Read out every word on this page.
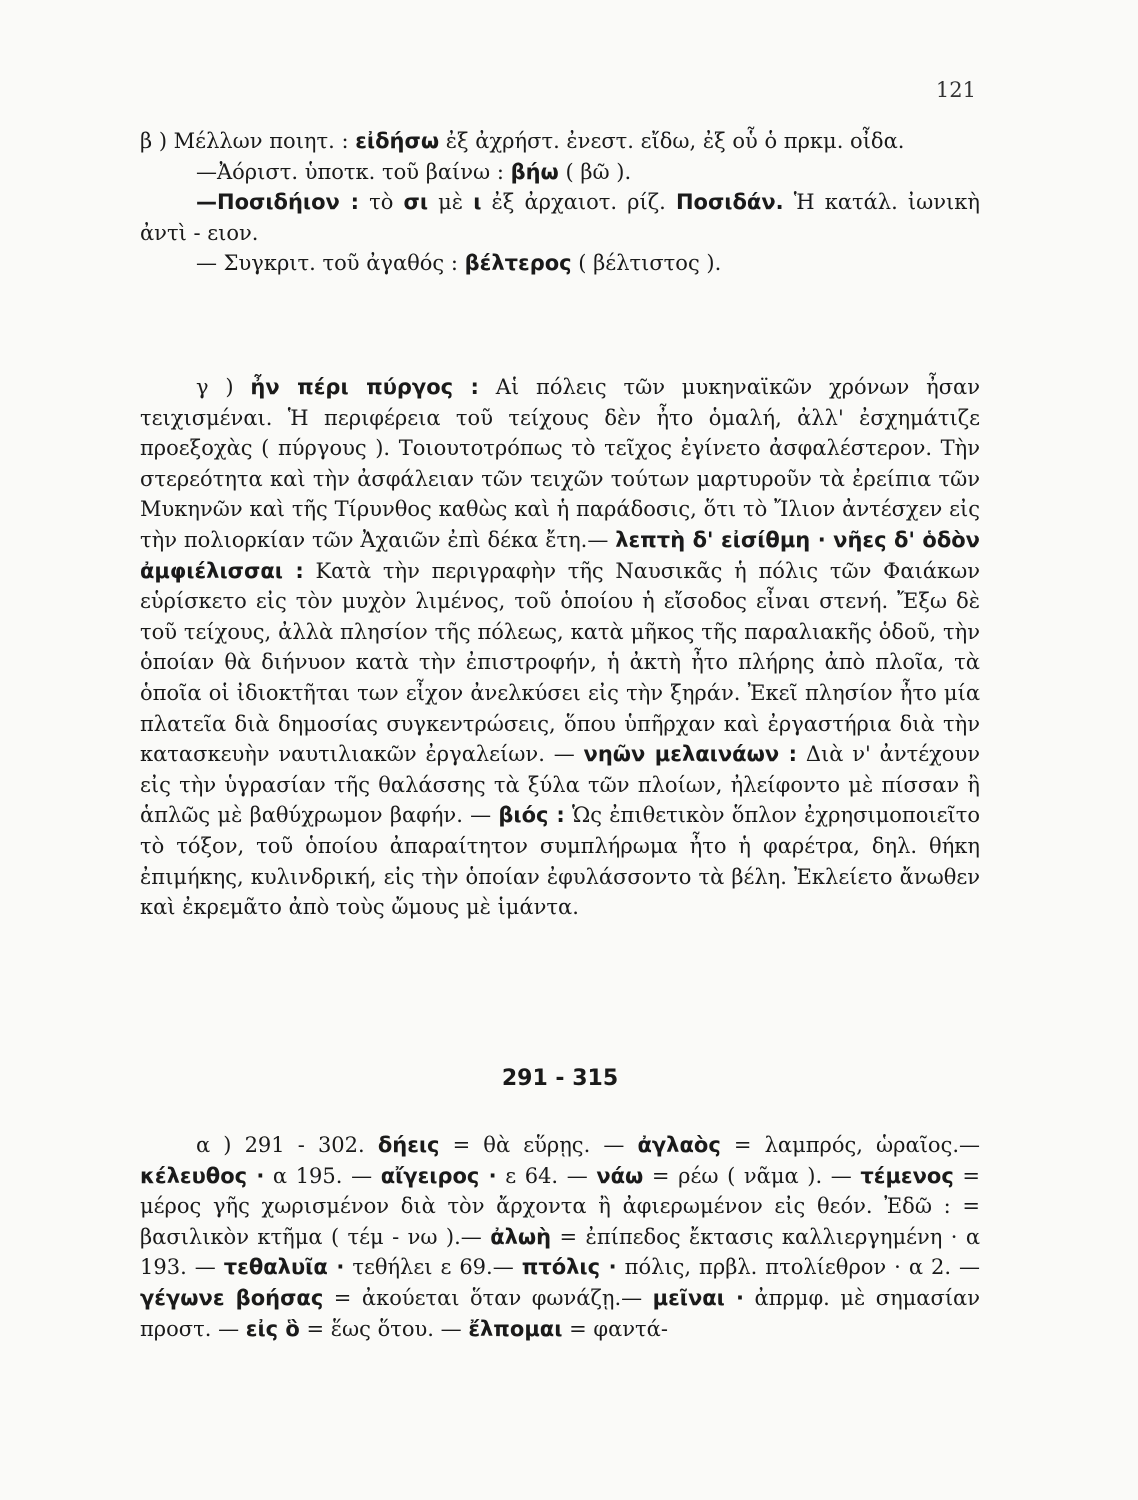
121

β ) Μέλλων ποιητ. : εἰδήσω ἐξ ἀχρήστ. ἐνεστ. εἴδω, ἐξ οὗ ὁ πρκμ. οἶδα.

—Ἀόριστ. ὑποτκ. τοῦ βαίνω : βήω ( βῶ ).

—Ποσιδήιον : τὸ σι μὲ ι ἐξ ἀρχαιοτ. ρίζ. Ποσιδάν. Ἡ κατάλ. ἰωνικὴ ἀντὶ - ειον.

— Συγκριτ. τοῦ ἀγαθός : βέλτερος ( βέλτιστος ).

γ ) ἦν πέρι πύργος : Αἱ πόλεις τῶν μυκηναϊκῶν χρόνων ἦσαν τειχισμέναι. Ἡ περιφέρεια τοῦ τείχους δὲν ἦτο ὁμαλή, ἀλλ' ἐσχημάτιζε προεξοχὰς ( πύργους ). Τοιουτοτρόπως τὸ τεῖχος ἐγίνετο ἀσφαλέστερον. Τὴν στερεότητα καὶ τὴν ἀσφάλειαν τῶν τειχῶν τούτων μαρτυροῦν τὰ ἐρείπια τῶν Μυκηνῶν καὶ τῆς Τίρυνθος καθὼς καὶ ἡ παράδοσις, ὅτι τὸ Ἴλιον ἀντέσχεν εἰς τὴν πολιορκίαν τῶν Ἀχαιῶν ἐπὶ δέκα ἔτη.— λεπτὴ δ' εἰσίθμη · νῆες δ' ὁδὸν ἀμφιέλισσαι : Κατὰ τὴν περιγραφὴν τῆς Ναυσικᾶς ἡ πόλις τῶν Φαιάκων εὑρίσκετο εἰς τὸν μυχὸν λιμένος, τοῦ ὁποίου ἡ εἴσοδος εἶναι στενή. Ἔξω δὲ τοῦ τείχους, ἀλλὰ πλησίον τῆς πόλεως, κατὰ μῆκος τῆς παραλιακῆς ὁδοῦ, τὴν ὁποίαν θὰ διήνυον κατὰ τὴν ἐπιστροφήν, ἡ ἀκτὴ ἦτο πλήρης ἀπὸ πλοῖα, τὰ ὁποῖα οἱ ἰδιοκτῆται των εἶχον ἀνελκύσει εἰς τὴν ξηράν. Ἐκεῖ πλησίον ἦτο μία πλατεῖα διὰ δημοσίας συγκεντρώσεις, ὅπου ὑπῆρχαν καὶ ἐργαστήρια διὰ τὴν κατασκευὴν ναυτιλιακῶν ἐργαλείων. — νηῶν μελαινάων : Διὰ ν' ἀντέχουν εἰς τὴν ὑγρασίαν τῆς θαλάσσης τὰ ξύλα τῶν πλοίων, ἠλείφοντο μὲ πίσσαν ἢ ἁπλῶς μὲ βαθύχρωμον βαφήν. — βιός : Ὡς ἐπιθετικὸν ὅπλον ἐχρησιμοποιεῖτο τὸ τόξον, τοῦ ὁποίου ἀπαραίτητον συμπλήρωμα ἦτο ἡ φαρέτρα, δηλ. θήκη ἐπιμήκης, κυλινδρική, εἰς τὴν ὁποίαν ἐφυλάσσοντο τὰ βέλη. Ἐκλείετο ἄνωθεν καὶ ἐκρεμᾶτο ἀπὸ τοὺς ὤμους μὲ ἱμάντα.

291 - 315

α ) 291 - 302. δήεις = θὰ εὕρῃς. — ἀγλαὸς = λαμπρός, ὡραῖος.— κέλευθος · α 195. — αἴγειρος · ε 64. — νάω = ρέω ( νᾶμα ). — τέμενος = μέρος γῆς χωρισμένον διὰ τὸν ἄρχοντα ἢ ἀφιερωμένον εἰς θεόν. Ἐδῶ : = βασιλικὸν κτῆμα ( τέμ - νω ).— ἀλωὴ = ἐπίπεδος ἔκτασις καλλιεργημένη · α 193. — τεθαλυῖα · τεθήλει ε 69.— πτόλις · πόλις, πρβλ. πτολίεθρον · α 2. — γέγωνε βοήσας = ἀκούεται ὅταν φωνάζῃ.— μεῖναι · ἀπρμφ. μὲ σημασίαν προστ. — εἰς ὃ = ἕως ὅτου. — ἔλπομαι = φαντά-
